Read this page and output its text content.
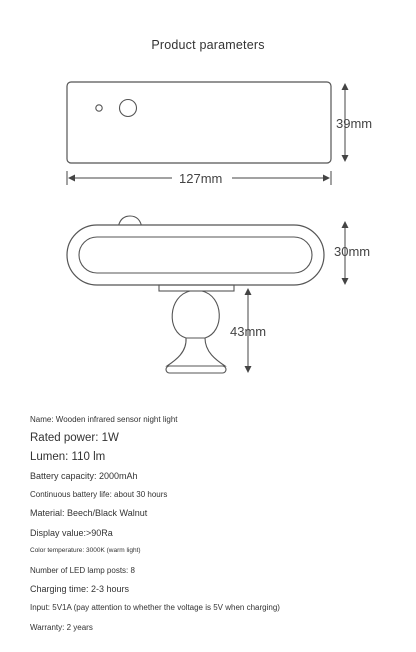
Product parameters
39mm
127mm
30mm
43mm
Name: Wooden infrared sensor night light
Rated power: 1W
Lumen: 110 lm
Battery capacity: 2000mAh
Continuous battery life: about 30 hours
Material: Beech/Black Walnut
Display value:>90Ra
Color temperature: 3000K (warm light)
Number of LED lamp posts: 8
Charging time: 2-3 hours
Input: 5V1A (pay attention to whether the voltage is 5V when charging)
Warranty: 2 years
